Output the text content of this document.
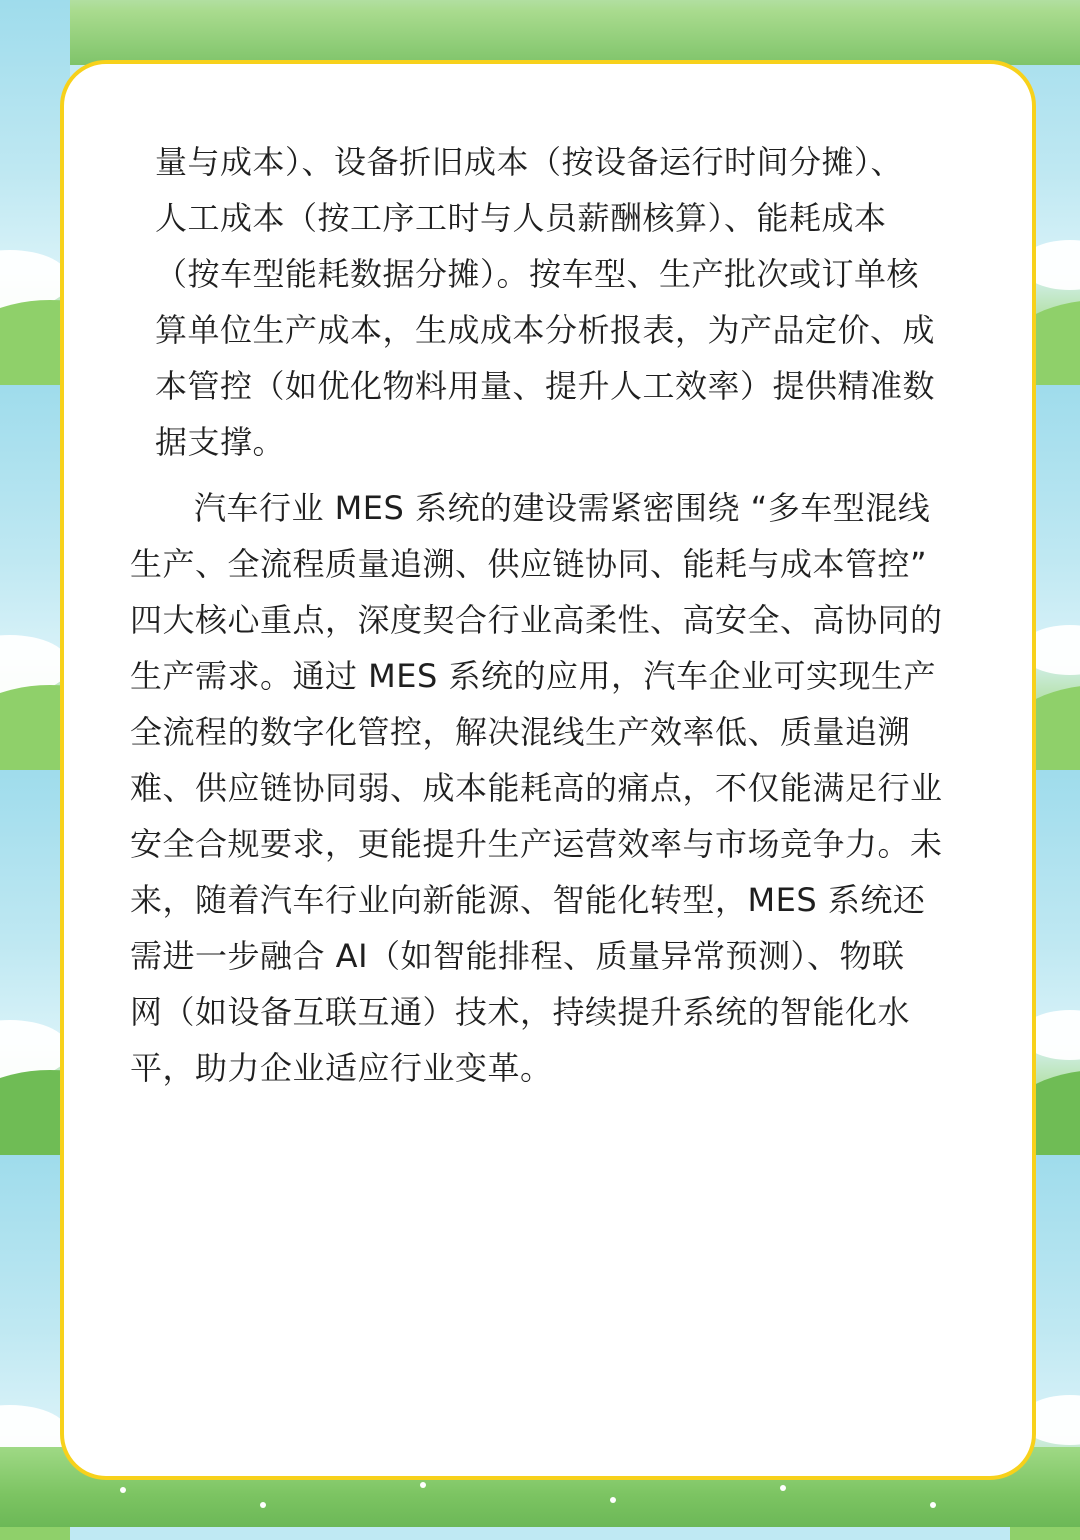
量与成本）、设备折旧成本（按设备运行时间分摊）、
人工成本（按工序工时与人员薪酬核算）、能耗成本
（按车型能耗数据分摊）。按车型、生产批次或订单核
算单位生产成本，生成成本分析报表，为产品定价、成
本管控（如优化物料用量、提升人工效率）提供精准数
据支撑。
汽车行业 MES 系统的建设需紧密围绕 “多车型混线
生产、全流程质量追溯、供应链协同、能耗与成本管控”
四大核心重点，深度契合行业高柔性、高安全、高协同的
生产需求。通过 MES 系统的应用，汽车企业可实现生产
全流程的数字化管控，解决混线生产效率低、质量追溯
难、供应链协同弱、成本能耗高的痛点，不仅能满足行业
安全合规要求，更能提升生产运营效率与市场竞争力。未
来，随着汽车行业向新能源、智能化转型，MES 系统还
需进一步融合 AI（如智能排程、质量异常预测）、物联
网（如设备互联互通）技术，持续提升系统的智能化水
平，助力企业适应行业变革。
